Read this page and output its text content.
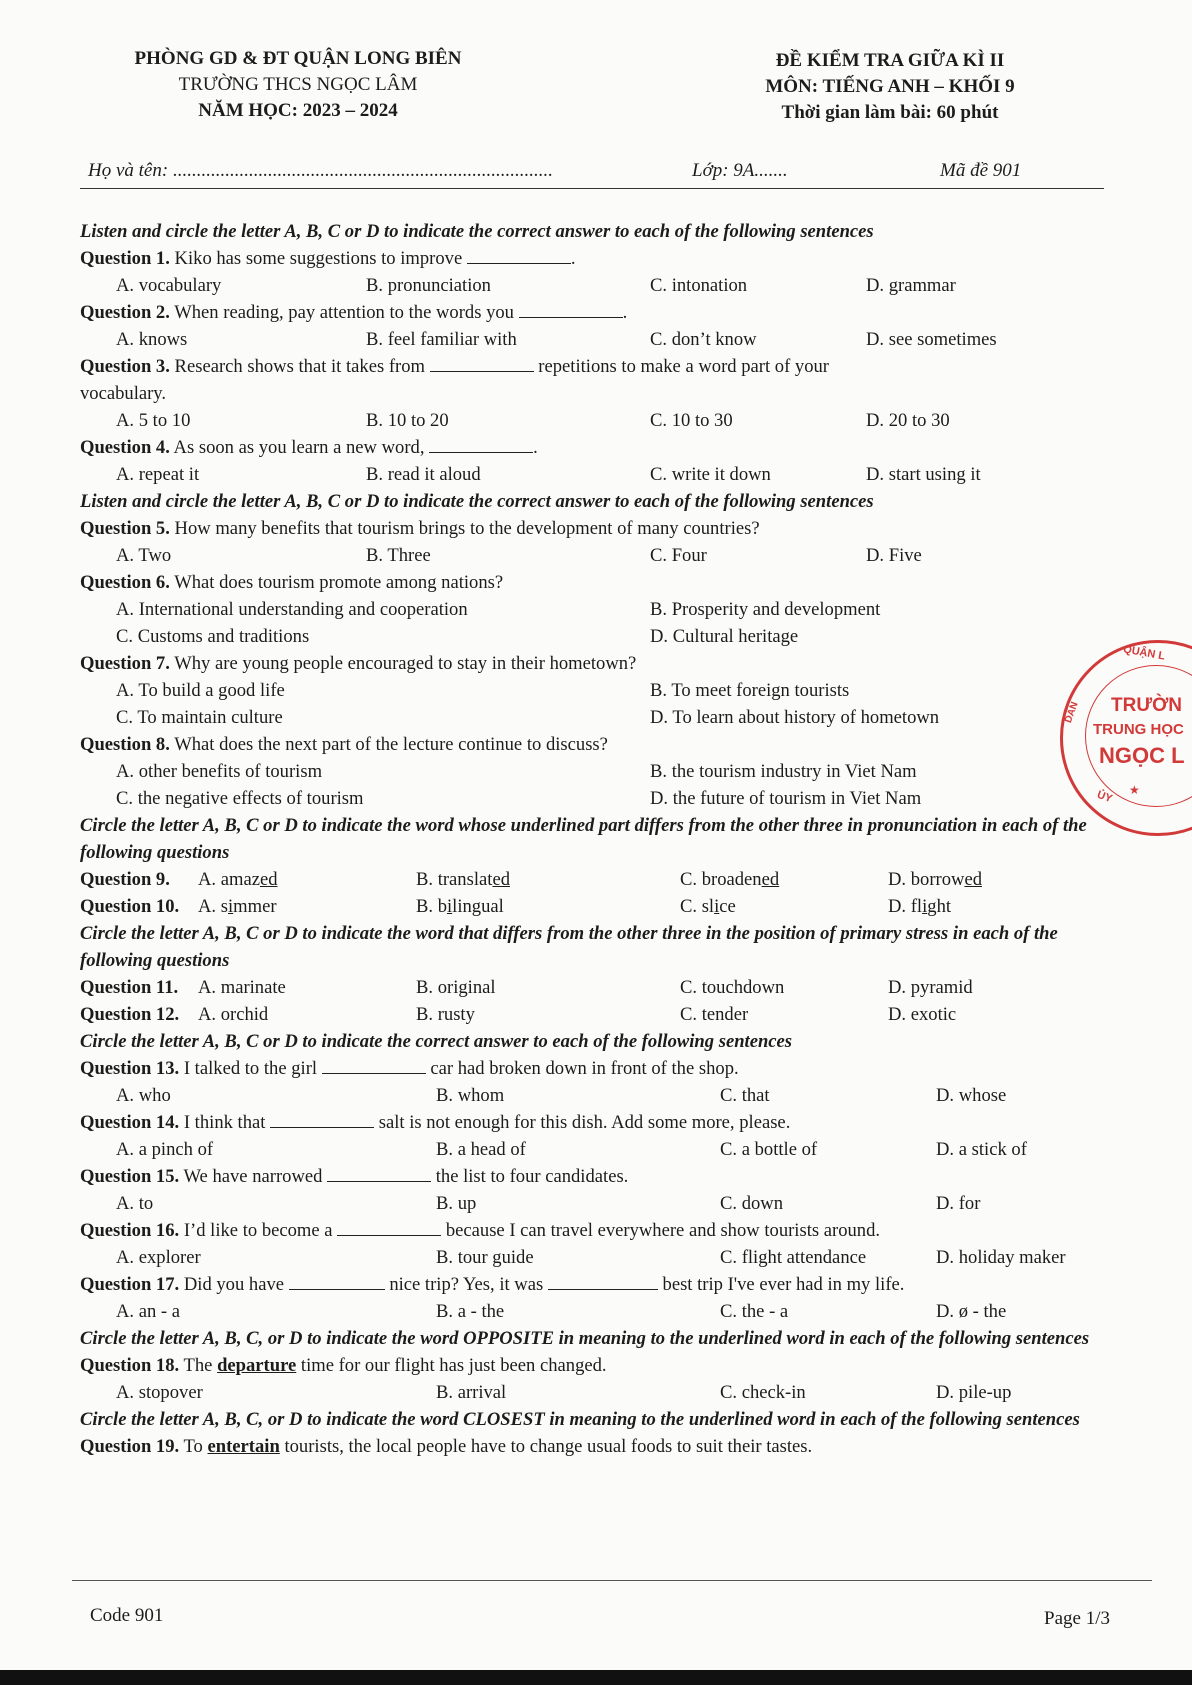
PHÒNG GD & ĐT QUẬN LONG BIÊN
TRƯỜNG THCS NGỌC LÂM
NĂM HỌC: 2023 – 2024
ĐỀ KIỂM TRA GIỮA KÌ II
MÔN: TIẾNG ANH – KHỐI 9
Thời gian làm bài: 60 phút
Họ và tên: ................................................................................	Lớp: 9A.......	Mã đề 901
Listen and circle the letter A, B, C or D to indicate the correct answer to each of the following sentences
Question 1. Kiko has some suggestions to improve	.
A. vocabulary	B. pronunciation	C. intonation	D. grammar
Question 2. When reading, pay attention to the words you	.
A. knows	B. feel familiar with	C. don’t know	D. see sometimes
Question 3. Research shows that it takes from	repetitions to make a word part of your
vocabulary.
A. 5 to 10	B. 10 to 20	C. 10 to 30	D. 20 to 30
Question 4. As soon as you learn a new word,	.
A. repeat it	B. read it aloud	C. write it down	D. start using it
Listen and circle the letter A, B, C or D to indicate the correct answer to each of the following sentences
Question 5. How many benefits that tourism brings to the development of many countries?
A. Two	B. Three	C. Four	D. Five
Question 6. What does tourism promote among nations?
A. International understanding and cooperation	B. Prosperity and development
C. Customs and traditions	D. Cultural heritage
Question 7. Why are young people encouraged to stay in their hometown?
A. To build a good life	B. To meet foreign tourists
C. To maintain culture	D. To learn about history of hometown
Question 8. What does the next part of the lecture continue to discuss?
A. other benefits of tourism	B. the tourism industry in Viet Nam
C. the negative effects of tourism	D. the future of tourism in Viet Nam
Circle the letter A, B, C or D to indicate the word whose underlined part differs from the other three in pronunciation in each of the following questions
Question 9. A. amazed	B. translated	C. broadened	D. borrowed
Question 10. A. simmer	B. bilingual	C. slice	D. flight
Circle the letter A, B, C or D to indicate the word that differs from the other three in the position of primary stress in each of the following questions
Question 11. A. marinate	B. original	C. touchdown	D. pyramid
Question 12. A. orchid	B. rusty	C. tender	D. exotic
Circle the letter A, B, C or D to indicate the correct answer to each of the following sentences
Question 13. I talked to the girl	car had broken down in front of the shop.
A. who	B. whom	C. that	D. whose
Question 14. I think that	salt is not enough for this dish. Add some more, please.
A. a pinch of	B. a head of	C. a bottle of	D. a stick of
Question 15. We have narrowed	the list to four candidates.
A. to	B. up	C. down	D. for
Question 16. I’d like to become a	because I can travel everywhere and show tourists around.
A. explorer	B. tour guide	C. flight attendance	D. holiday maker
Question 17. Did you have	nice trip? Yes, it was	best trip I've ever had in my life.
A. an - a	B. a - the	C. the - a	D. ø - the
Circle the letter A, B, C, or D to indicate the word OPPOSITE in meaning to the underlined word in each of the following sentences
Question 18. The departure time for our flight has just been changed.
A. stopover	B. arrival	C. check-in	D. pile-up
Circle the letter A, B, C, or D to indicate the word CLOSEST in meaning to the underlined word in each of the following sentences
Question 19. To entertain tourists, the local people have to change usual foods to suit their tastes.
QUẬN L
DÂN
ỦY
TRƯỜN
TRUNG HỌC
NGỌC L
★
Code 901	Page 1/3
